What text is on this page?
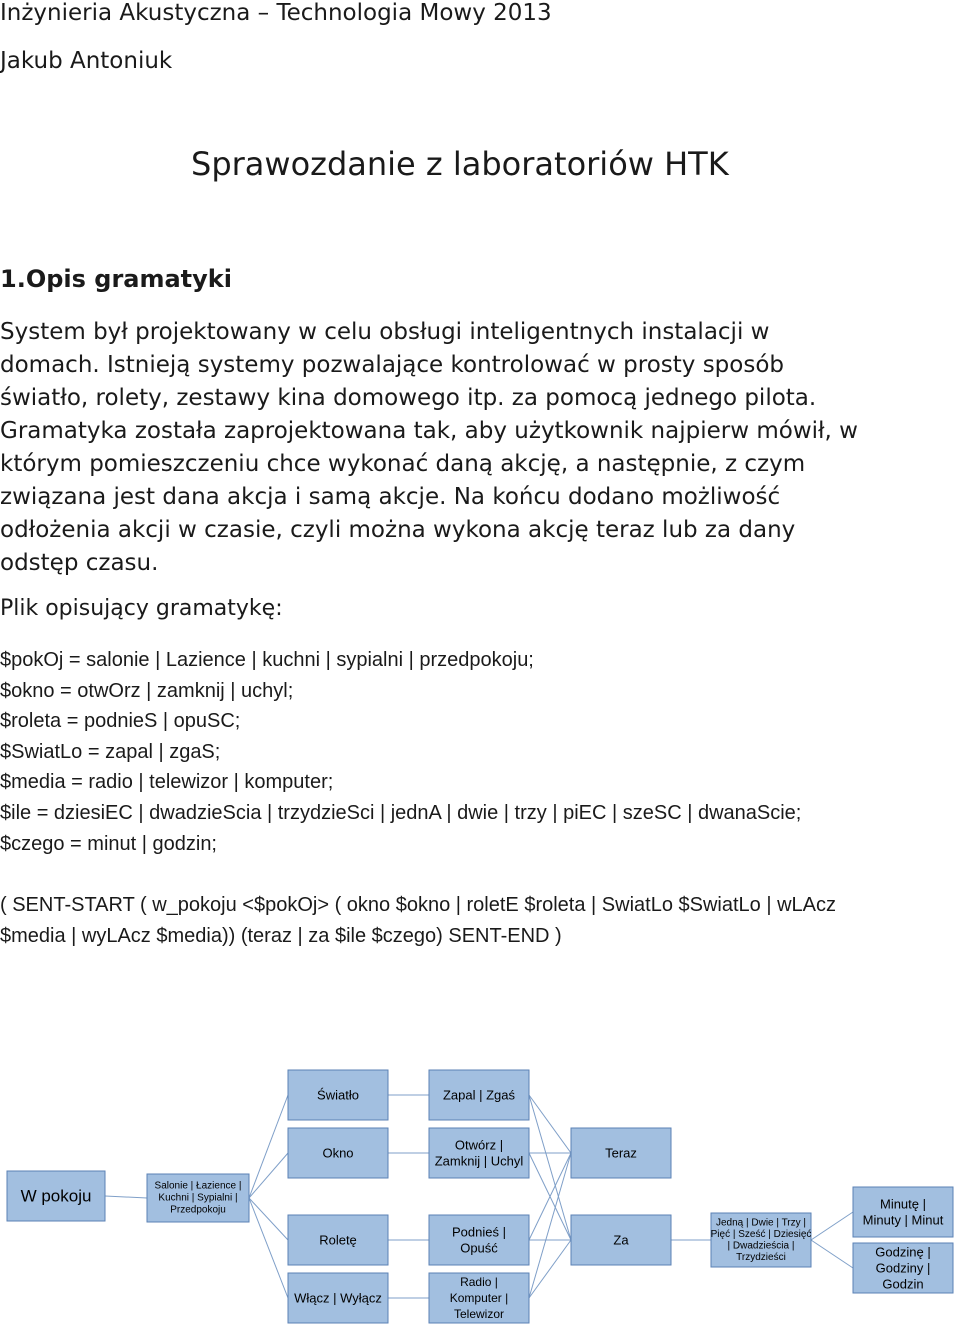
Inżynieria Akustyczna – Technologia Mowy 2013
Jakub Antoniuk
Sprawozdanie z laboratoriów HTK
1.Opis gramatyki
System był projektowany w celu obsługi inteligentnych instalacji w
domach. Istnieją systemy pozwalające kontrolować w prosty sposób
światło, rolety, zestawy kina domowego itp. za pomocą jednego pilota.
Gramatyka została zaprojektowana tak, aby użytkownik najpierw mówił, w
którym pomieszczeniu chce wykonać daną akcję, a następnie, z czym
związana jest dana akcja i samą akcje. Na końcu dodano możliwość
odłożenia akcji w czasie, czyli można wykona akcję teraz lub za dany
odstęp czasu.
Plik opisujący gramatykę:
$pokOj = salonie | Lazience | kuchni | sypialni | przedpokoju;
$okno = otwOrz | zamknij | uchyl;
$roleta = podnieS | opuSC;
$SwiatLo = zapal | zgaS;
$media = radio | telewizor | komputer;
$ile = dziesiEC | dwadzieScia | trzydzieSci | jednA | dwie | trzy | piEC | szeSC | dwanaScie;
$czego = minut | godzin;
( SENT-START ( w_pokoju <$pokOj> ( okno $okno | roletE $roleta | SwiatLo $SwiatLo | wLAcz
$media | wyLAcz $media)) (teraz | za $ile $czego) SENT-END )
W pokoju
Salonie | Łazience |
Kuchni | Sypialni |
Przedpokoju
Światło
Okno
Roletę
Włącz | Wyłącz
Zapal | Zgaś
Otwórz |
Zamknij | Uchyl
Podnieś |
Opuść
Radio |
Komputer |
Telewizor
Teraz
Za
Jedną | Dwie | Trzy |
Pięć | Sześć | Dziesięć
| Dwadzieścia |
Trzydzieści
Minutę |
Minuty | Minut
Godzinę |
Godziny |
Godzin
